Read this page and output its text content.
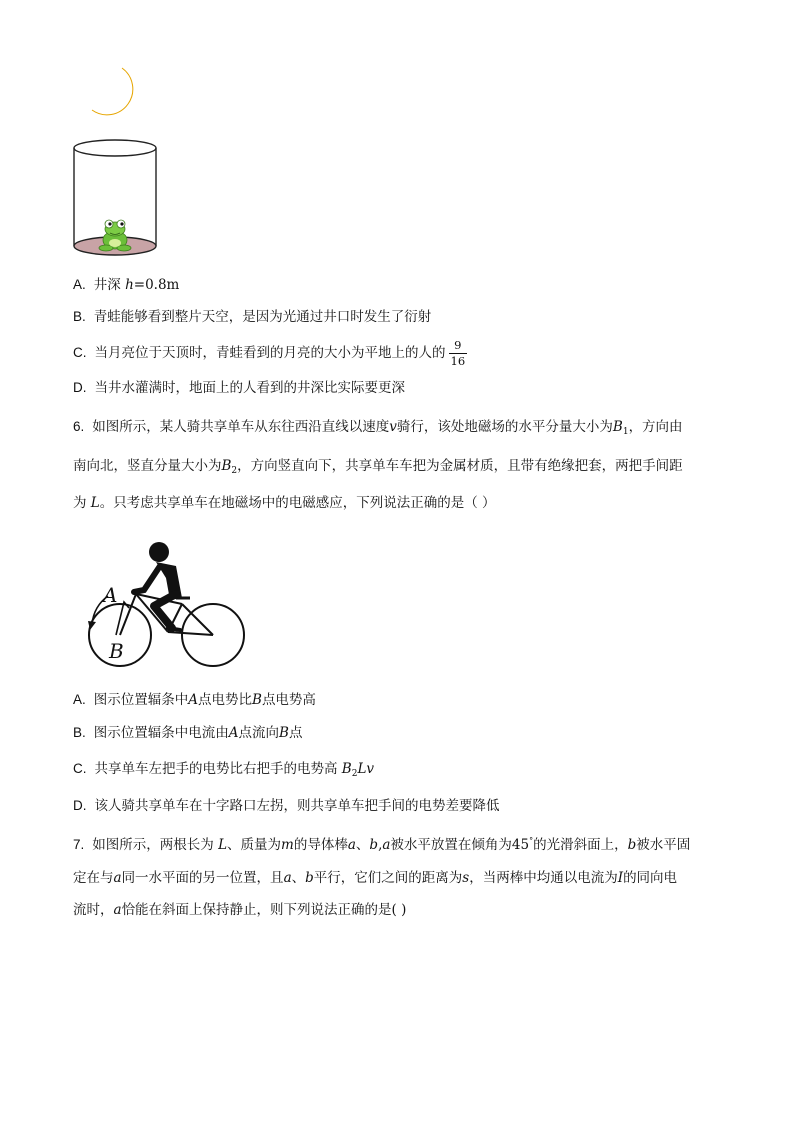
A. 井深 h=0.8m
B. 青蛙能够看到整片天空，是因为光通过井口时发生了衍射
C. 当月亮位于天顶时，青蛙看到的月亮的大小为平地上的人的 $\frac{9}{16}$
D. 当井水灌满时，地面上的人看到的井深比实际要更深
6. 如图所示，某人骑共享单车从东往西沿直线以速度v骑行，该处地磁场的水平分量大小为$B_1$，方向由
南向北，竖直分量大小为$B_2$，方向竖直向下，共享单车车把为金属材质，且带有绝缘把套，两把手间距
为 L。只考虑共享单车在地磁场中的电磁感应，下列说法正确的是（ ）
A
B
A. 图示位置辐条中A点电势比B点电势高
B. 图示位置辐条中电流由A点流向B点
C. 共享单车左把手的电势比右把手的电势高 $B_2Lv$
D. 该人骑共享单车在十字路口左拐，则共享单车把手间的电势差要降低
7. 如图所示，两根长为 L、质量为m的导体棒a、b,a被水平放置在倾角为45°的光滑斜面上，b被水平固
定在与a同一水平面的另一位置，且a、b平行，它们之间的距离为s，当两棒中均通以电流为I的同向电
流时，a恰能在斜面上保持静止，则下列说法正确的是( )
